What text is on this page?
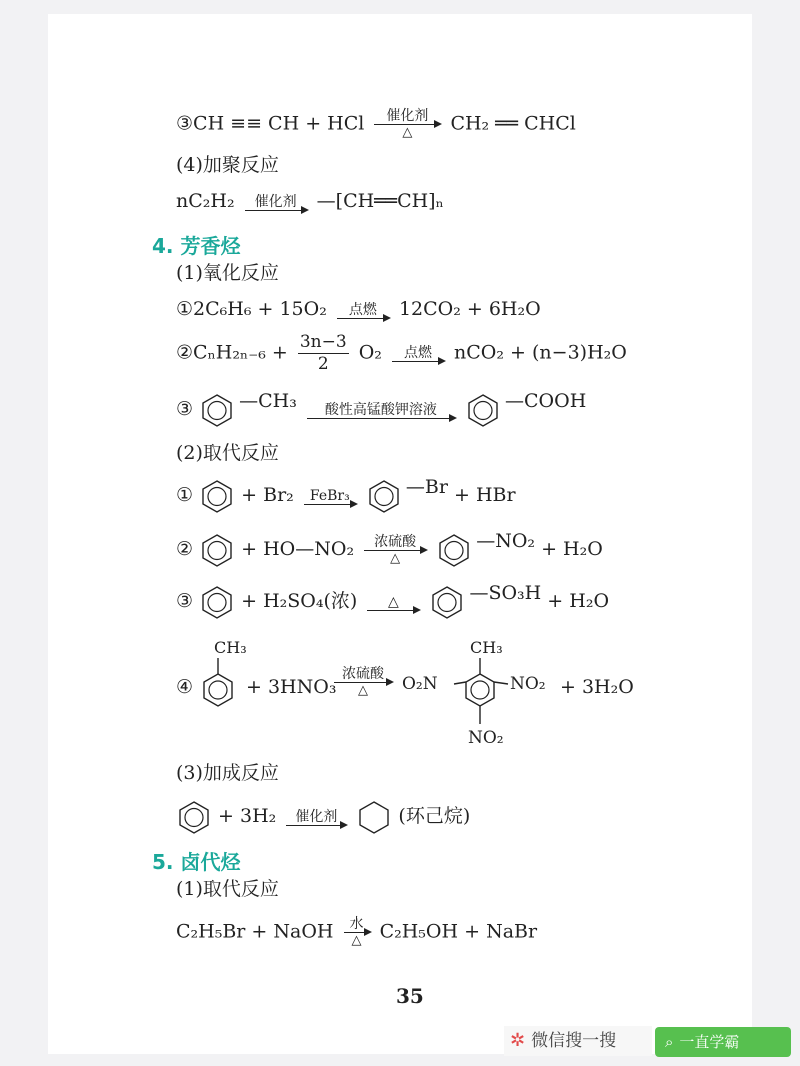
③CH ≡≡ CH + HCl	催化剂
△	CH₂ ══ CHCl
(4)加聚反应
nC₂H₂	催化剂	—[CH══CH]ₙ
4. 芳香烃
(1)氧化反应
①2C₆H₆ + 15O₂	点燃	12CO₂ + 6H₂O
②CₙH₂ₙ₋₆ + $\frac{3n-3}{2} O_2$	点燃	nCO₂ + (n−3)H₂O
③ —CH₃	酸性高锰酸钾溶液	—COOH
(2)取代反应
①	+ Br₂	FeBr₃	—Br + HBr
②	+ HO—NO₂	浓硫酸
△
—NO₂ + H₂O
③	+ H₂SO₄(浓)	△	—SO₃H + H₂O
④
CH₃
+ 3HNO₃
浓硫酸
△	O₂N
CH₃
NO₂
NO₂
+ 3H₂O
(3)加成反应
+ 3H₂	催化剂	(环己烷)
5. 卤代烃
(1)取代反应
C₂H₅Br + NaOH	水
△ C₂H₅OH + NaBr
35
✲ 微信搜一搜	⌕ 一直学霸
